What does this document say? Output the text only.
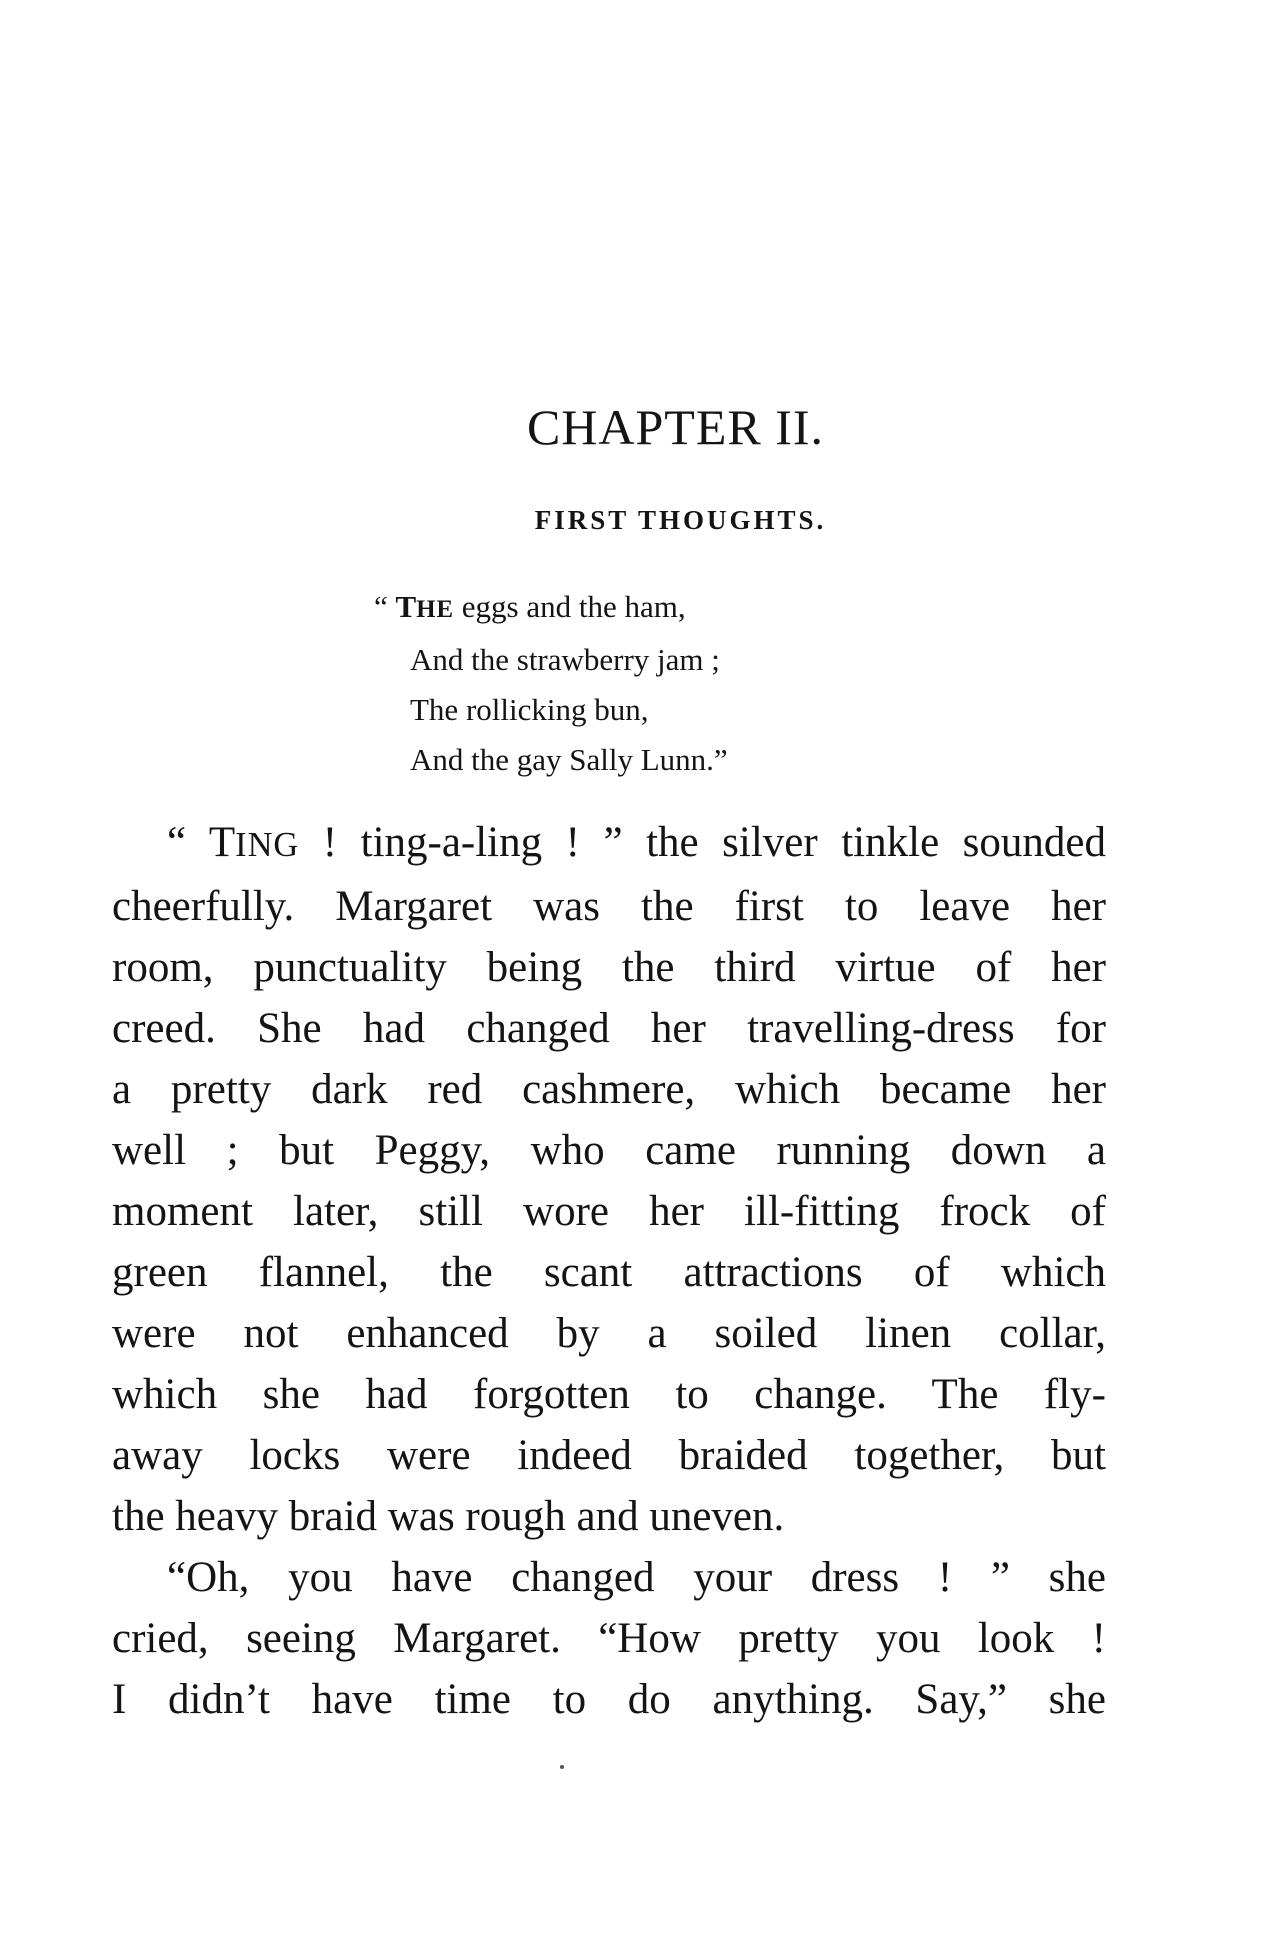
CHAPTER II.
FIRST THOUGHTS.
“ THE eggs and the ham,
And the strawberry jam ;
The rollicking bun,
And the gay Sally Lunn.”
“ TING ! ting-a-ling ! ” the silver tinkle sounded
cheerfully. Margaret was the first to leave her
room, punctuality being the third virtue of her
creed. She had changed her travelling-dress for
a pretty dark red cashmere, which became her
well ; but Peggy, who came running down a
moment later, still wore her ill-fitting frock of
green flannel, the scant attractions of which
were not enhanced by a soiled linen collar,
which she had forgotten to change. The fly-
away locks were indeed braided together, but
the heavy braid was rough and uneven.
“Oh, you have changed your dress ! ” she
cried, seeing Margaret. “How pretty you look !
I didn’t have time to do anything. Say,” she
